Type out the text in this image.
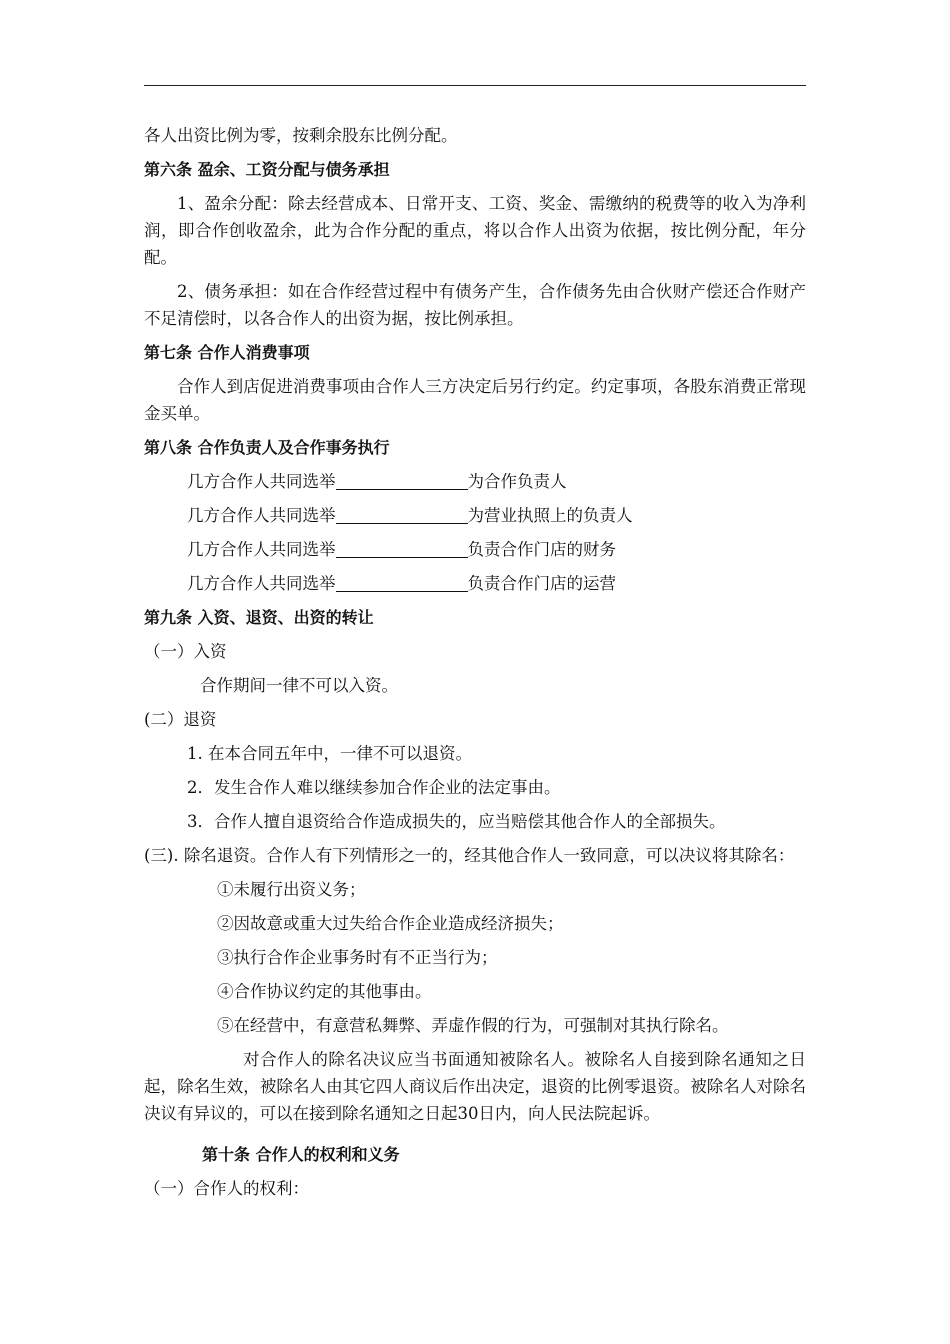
各人出资比例为零，按剩余股东比例分配。

第六条 盈余、工资分配与债务承担

1、盈余分配：除去经营成本、日常开支、工资、奖金、需缴纳的税费等的收入为净利润，即合作创收盈余，此为合作分配的重点，将以合作人出资为依据，按比例分配，年分配。

2、债务承担：如在合作经营过程中有债务产生，合作债务先由合伙财产偿还合作财产不足清偿时，以各合作人的出资为据，按比例承担。

第七条 合作人消费事项

合作人到店促进消费事项由合作人三方决定后另行约定。约定事项，各股东消费正常现金买单。

第八条 合作负责人及合作事务执行

几方合作人共同选举	为合作负责人

几方合作人共同选举	为营业执照上的负责人

几方合作人共同选举	负责合作门店的财务

几方合作人共同选举	负责合作门店的运营

第九条 入资、退资、出资的转让

（一）入资

合作期间一律不可以入资。

(二）退资

1. 在本合同五年中，一律不可以退资。

2．发生合作人难以继续参加合作企业的法定事由。

3．合作人擅自退资给合作造成损失的，应当赔偿其他合作人的全部损失。

(三). 除名退资。合作人有下列情形之一的，经其他合作人一致同意，可以决议将其除名：

①未履行出资义务；

②因故意或重大过失给合作企业造成经济损失；

③执行合作企业事务时有不正当行为；

④合作协议约定的其他事由。

⑤在经营中，有意营私舞弊、弄虚作假的行为，可强制对其执行除名。

对合作人的除名决议应当书面通知被除名人。被除名人自接到除名通知之日起，除名生效，被除名人由其它四人商议后作出决定，退资的比例零退资。被除名人对除名决议有异议的，可以在接到除名通知之日起30日内，向人民法院起诉。

第十条 合作人的权利和义务

（一）合作人的权利：
